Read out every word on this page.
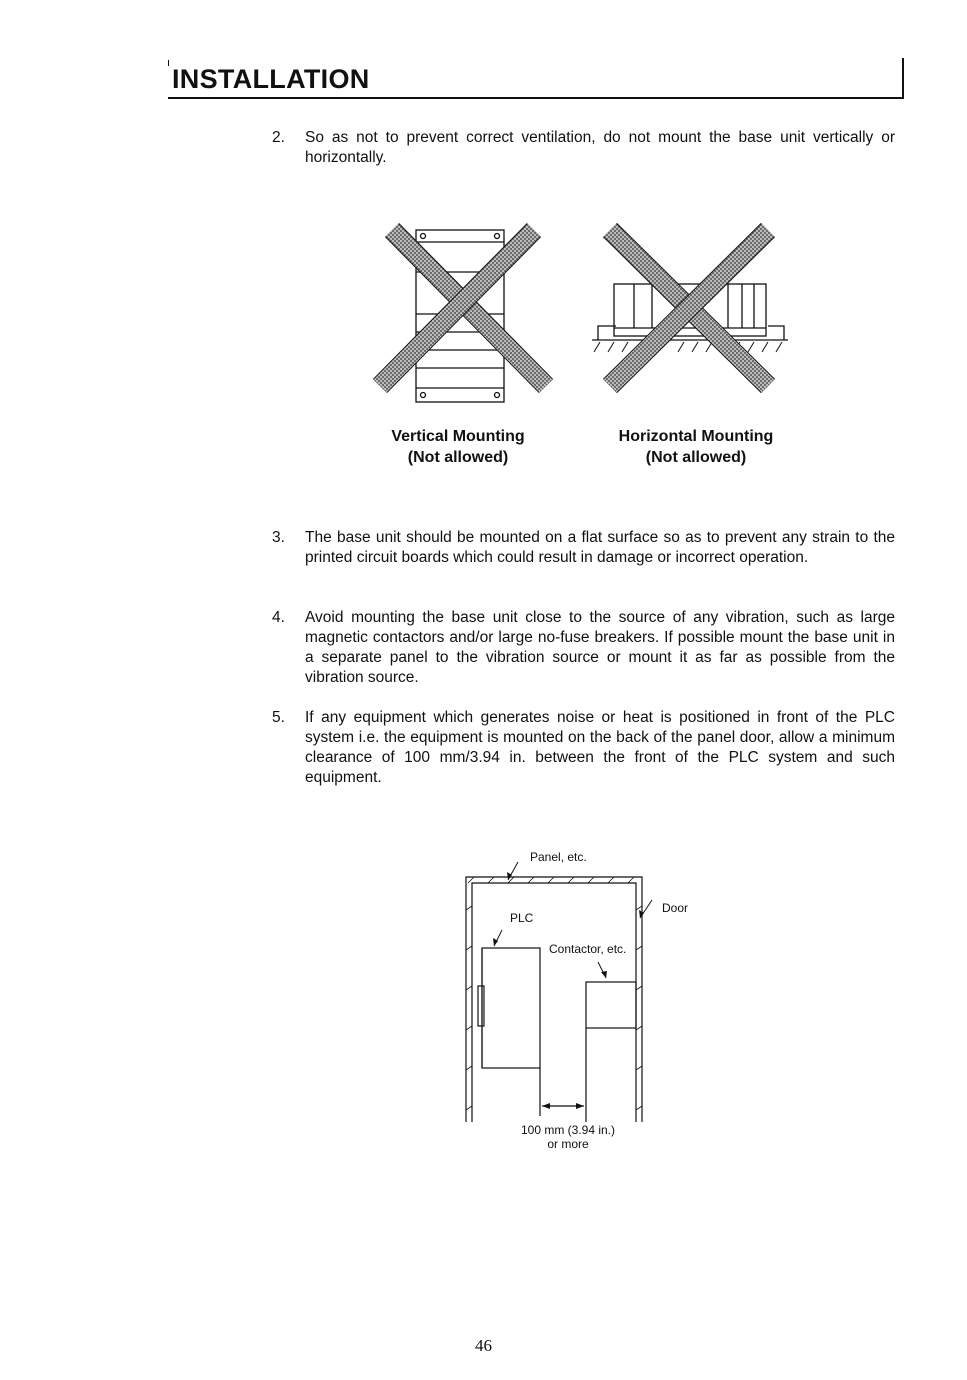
INSTALLATION
2. So as not to prevent correct ventilation, do not mount the base unit vertically or horizontally.
Vertical Mounting
(Not allowed)
Horizontal Mounting
(Not allowed)
3. The base unit should be mounted on a flat surface so as to prevent any strain to the printed circuit boards which could result in damage or incorrect operation.
4. Avoid mounting the base unit close to the source of any vibration, such as large magnetic contactors and/or large no-fuse breakers. If possible mount the base unit in a separate panel to the vibration source or mount it as far as possible from the vibration source.
5. If any equipment which generates noise or heat is positioned in front of the PLC system i.e. the equipment is mounted on the back of the panel door, allow a minimum clearance of 100 mm/3.94 in. between the front of the PLC system and such equipment.
Panel, etc.
Door
PLC
Contactor, etc.
100 mm (3.94 in.)
or more
46
